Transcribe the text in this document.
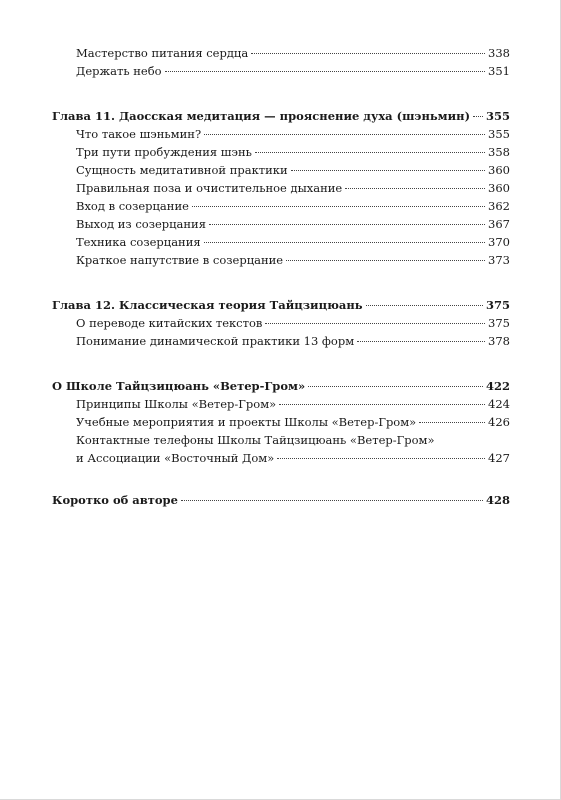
Мастерство питания сердца	338
Держать небо	351
Глава 11. Даосская медитация — прояснение духа (шэньмин) 355
Что такое шэньмин?	355
Три пути пробуждения шэнь	358
Сущность медитативной практики	360
Правильная поза и очистительное дыхание	360
Вход в созерцание	362
Выход из созерцания	367
Техника созерцания	370
Краткое напутствие в созерцание	373
Глава 12. Классическая теория Тайцзицюань	375
О переводе китайских текстов	375
Понимание динамической практики 13 форм	378
О Школе Тайцзицюань «Ветер-Гром»	422
Принципы Школы «Ветер-Гром»	424
Учебные мероприятия и проекты Школы «Ветер-Гром»	426
Контактные телефоны Школы Тайцзицюань «Ветер-Гром»
и Ассоциации «Восточный Дом»	427
Коротко об авторе	428
